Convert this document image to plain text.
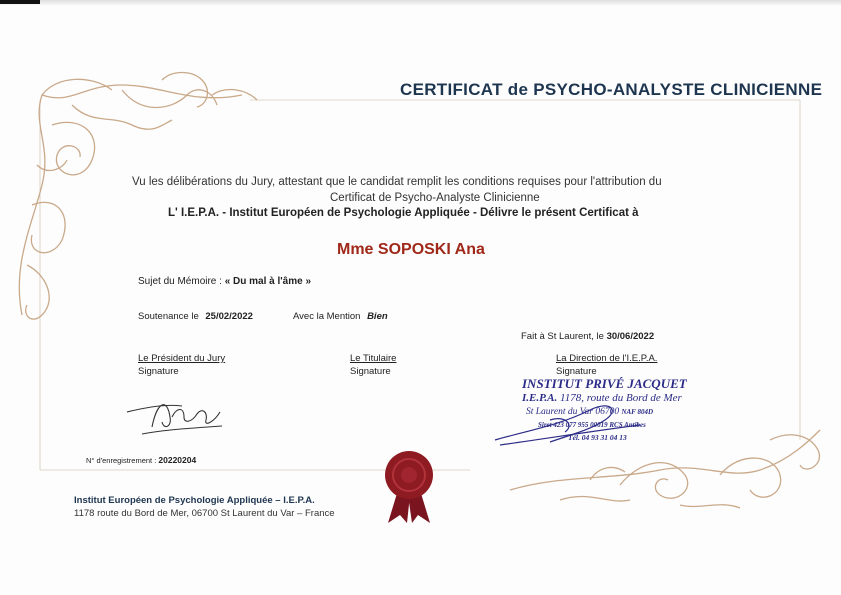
CERTIFICAT de PSYCHO-ANALYSTE CLINICIENNE
Vu les délibérations du Jury, attestant que le candidat remplit les conditions requises pour l'attribution du
Certificat de Psycho-Analyste Clinicienne
L' I.E.P.A. - Institut Européen de Psychologie Appliquée - Délivre le présent Certificat à
Mme SOPOSKI Ana
Sujet du Mémoire : « Du mal à l'âme »
Soutenance le 25/02/2022	Avec la Mention Bien
Fait à St Laurent, le 30/06/2022
Le Président du Jury
Signature
Le Titulaire
Signature
La Direction de l'I.E.P.A.
Signature
INSTITUT PRIVÉ JACQUET
I.E.P.A. 1178, route du Bord de Mer
St Laurent du Var 06700 NAF 804D
Siret 423 077 955 00019 RCS Antibes
Tél. 04 93 31 04 13
N° d'enregistrement : 20220204
Institut Européen de Psychologie Appliquée – I.E.P.A.
1178 route du Bord de Mer, 06700 St Laurent du Var – France
